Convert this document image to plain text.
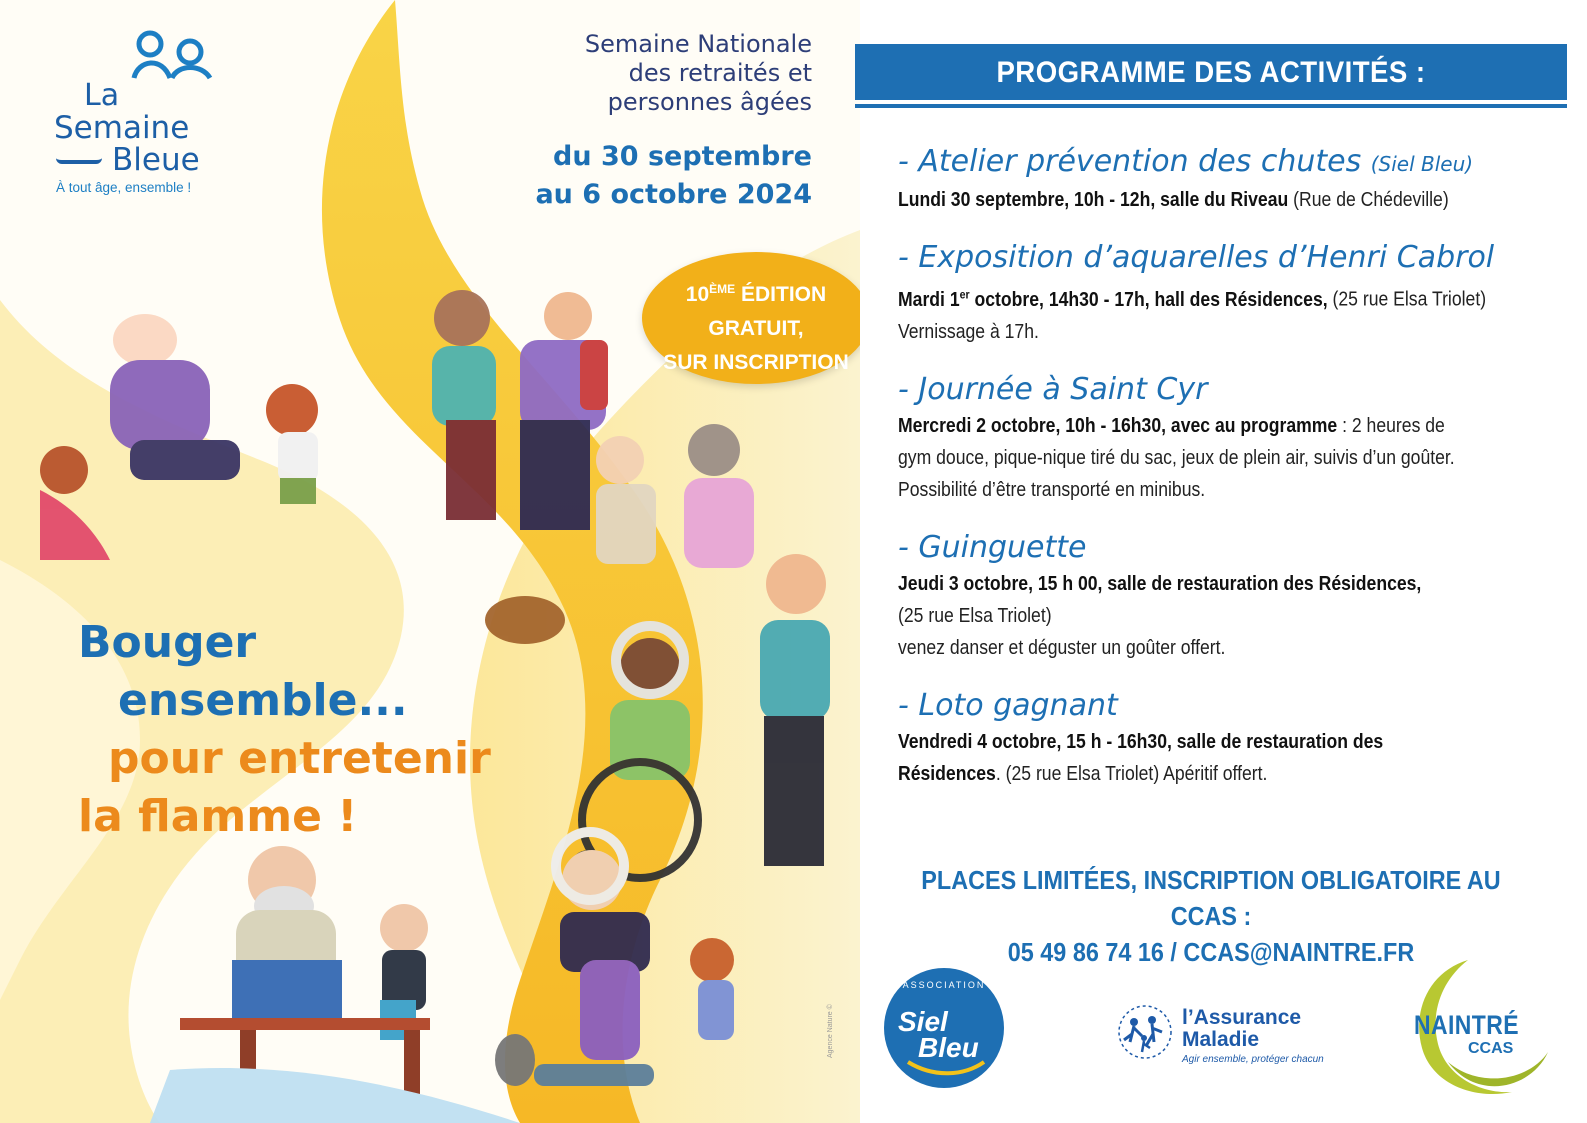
La
Semaine
Bleue
À tout âge, ensemble !
Semaine Nationale
des retraités et
personnes âgées
du 30 septembre
au 6 octobre 2024
10ÈME ÉDITION
GRATUIT,
SUR INSCRIPTION
Bouger
ensemble...
pour entretenir
la flamme !
Agence Nature ©
PROGRAMME DES ACTIVITÉS :
- Atelier prévention des chutes (Siel Bleu)
Lundi 30 septembre, 10h - 12h, salle du Riveau (Rue de Chédeville)
- Exposition d’aquarelles d’Henri Cabrol
Mardi 1er octobre, 14h30 - 17h, hall des Résidences, (25 rue Elsa Triolet)
Vernissage à 17h.
- Journée à Saint Cyr
Mercredi 2 octobre, 10h - 16h30, avec au programme : 2 heures de
gym douce, pique-nique tiré du sac, jeux de plein air, suivis d’un goûter.
Possibilité d’être transporté en minibus.
- Guinguette
Jeudi 3 octobre, 15 h 00, salle de restauration des Résidences,
(25 rue Elsa Triolet)
venez danser et déguster un goûter offert.
- Loto gagnant
Vendredi 4 octobre, 15 h - 16h30, salle de restauration des
Résidences. (25 rue Elsa Triolet) Apéritif offert.
PLACES LIMITÉES, INSCRIPTION OBLIGATOIRE AU CCAS :
05 49 86 74 16 / CCAS@NAINTRE.FR
ASSOCIATION
Siel
Bleu
l’Assurance
Maladie
Agir ensemble, protéger chacun
NAINTRÉ
CCAS
